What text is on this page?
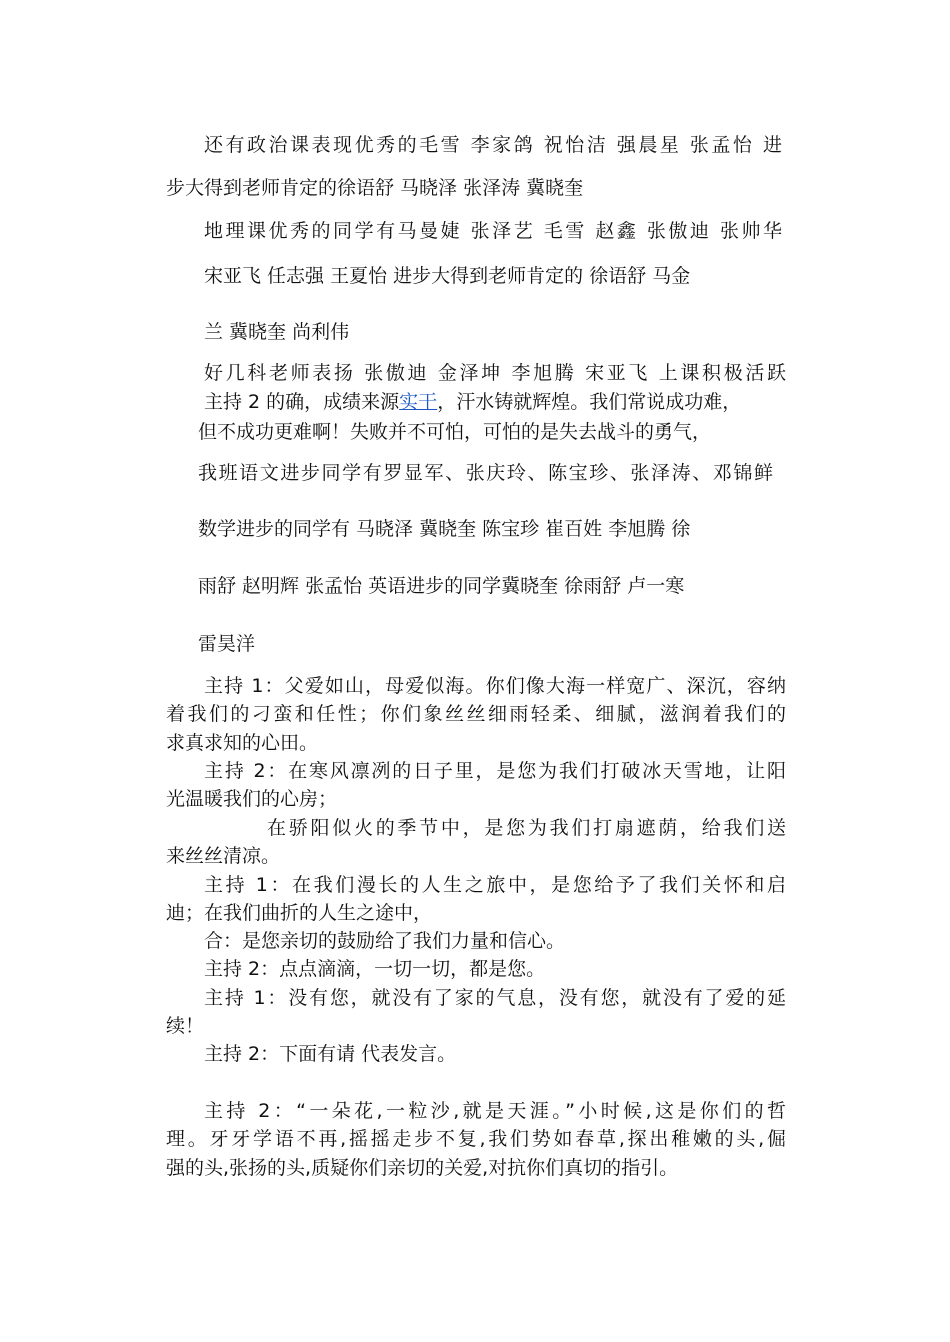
还有政治课表现优秀的毛雪 李家鸽 祝怡洁 强晨星 张孟怡 进
步大得到老师肯定的徐语舒 马晓泽 张泽涛 冀晓奎
地理课优秀的同学有马曼婕 张泽艺 毛雪 赵鑫 张傲迪 张帅华
宋亚飞 任志强 王夏怡 进步大得到老师肯定的 徐语舒 马金
兰 冀晓奎 尚利伟
好几科老师表扬 张傲迪 金泽坤 李旭腾 宋亚飞 上课积极活跃
主持 2 的确，成绩来源实干，汗水铸就辉煌。我们常说成功难，
但不成功更难啊！失败并不可怕，可怕的是失去战斗的勇气，
我班语文进步同学有罗显军、张庆玲、陈宝珍、张泽涛、邓锦鲜
数学进步的同学有 马晓泽 冀晓奎 陈宝珍 崔百姓 李旭腾 徐
雨舒 赵明辉 张孟怡 英语进步的同学冀晓奎 徐雨舒 卢一寒
雷昊洋
主持 1：父爱如山，母爱似海。你们像大海一样宽广、深沉，容纳
着我们的刁蛮和任性；你们象丝丝细雨轻柔、细腻，滋润着我们的
求真求知的心田。
主持 2：在寒风凛冽的日子里，是您为我们打破冰天雪地，让阳
光温暖我们的心房；
在骄阳似火的季节中，是您为我们打扇遮荫，给我们送
来丝丝清凉。
主持 1：在我们漫长的人生之旅中，是您给予了我们关怀和启
迪；在我们曲折的人生之途中，
合：是您亲切的鼓励给了我们力量和信心。
主持 2：点点滴滴，一切一切，都是您。
主持 1：没有您，就没有了家的气息，没有您，就没有了爱的延
续！
主持 2：下面有请 代表发言。
主持 2：“一朵花,一粒沙,就是天涯。”小时候,这是你们的哲
理。牙牙学语不再,摇摇走步不复,我们势如春草,探出稚嫩的头,倔
强的头,张扬的头,质疑你们亲切的关爱,对抗你们真切的指引。
